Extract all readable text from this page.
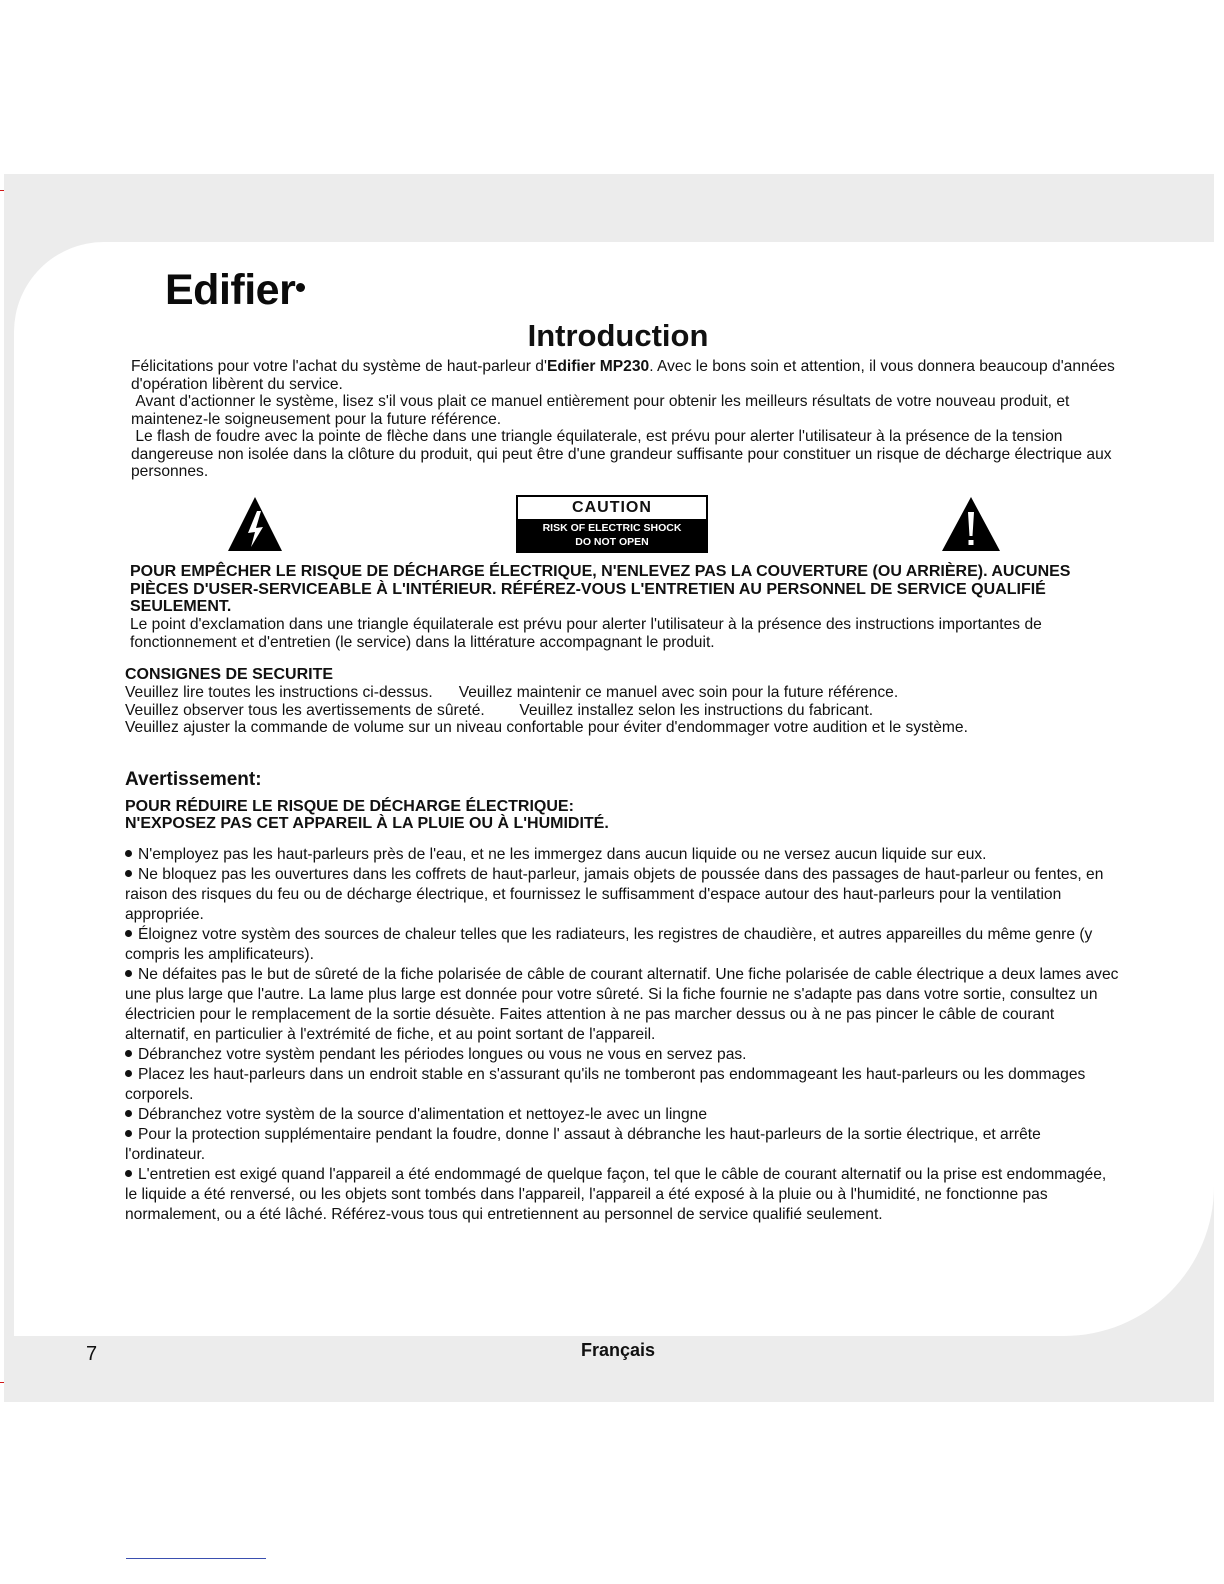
Edifier
Introduction

Félicitations pour votre l'achat du système de haut-parleur d'Edifier MP230. Avec le bons soin et attention, il vous donnera beaucoup d'années d'opération libèrent du service.

Avant d'actionner le système, lisez s'il vous plait ce manuel entièrement pour obtenir les meilleurs résultats de votre nouveau produit, et maintenez-le soigneusement pour la future référence.

Le flash de foudre avec la pointe de flèche dans une triangle équilaterale, est prévu pour alerter l'utilisateur à la présence de la tension dangereuse non isolée dans la clôture du produit, qui peut être d'une grandeur suffisante pour constituer un risque de décharge électrique aux personnes.

CAUTION
RISK OF ELECTRIC SHOCK
DO NOT OPEN
POUR EMPÊCHER LE RISQUE DE DÉCHARGE ÉLECTRIQUE, N'ENLEVEZ PAS LA COUVERTURE (OU ARRIÈRE). AUCUNES PIÈCES D'USER-SERVICEABLE À L'INTÉRIEUR. RÉFÉREZ-VOUS L'ENTRETIEN AU PERSONNEL DE SERVICE QUALIFIÉ SEULEMENT.
Le point d'exclamation dans une triangle équilaterale est prévu pour alerter l'utilisateur à la présence des instructions importantes de fonctionnement et d'entretien (le service) dans la littérature accompagnant le produit.
CONSIGNES DE SECURITE
Veuillez lire toutes les instructions ci-dessus. Veuillez maintenir ce manuel avec soin pour la future référence.
Veuillez observer tous les avertissements de sûreté. Veuillez installez selon les instructions du fabricant.
Veuillez ajuster la commande de volume sur un niveau confortable pour éviter d'endommager votre audition et le système.
Avertissement:
POUR RÉDUIRE LE RISQUE DE DÉCHARGE ÉLECTRIQUE:
N'EXPOSEZ PAS CET APPAREIL À LA PLUIE OU À L'HUMIDITÉ.

N'employez pas les haut-parleurs près de l'eau, et ne les immergez dans aucun liquide ou ne versez aucun liquide sur eux.

Ne bloquez pas les ouvertures dans les coffrets de haut-parleur, jamais objets de poussée dans des passages de haut-parleur ou fentes, en raison des risques du feu ou de décharge électrique, et fournissez le suffisamment d'espace autour des haut-parleurs pour la ventilation appropriée.

Éloignez votre systèm des sources de chaleur telles que les radiateurs, les registres de chaudière, et autres appareilles du même genre (y compris les amplificateurs).

Ne défaites pas le but de sûreté de la fiche polarisée de câble de courant alternatif. Une fiche polarisée de cable électrique a deux lames avec une plus large que l'autre. La lame plus large est donnée pour votre sûreté. Si la fiche fournie ne s'adapte pas dans votre sortie, consultez un électricien pour le remplacement de la sortie désuète. Faites attention à ne pas marcher dessus ou à ne pas pincer le câble de courant alternatif, en particulier à l'extrémité de fiche, et au point sortant de l'appareil.

Débranchez votre systèm pendant les périodes longues ou vous ne vous en servez pas.

Placez les haut-parleurs dans un endroit stable en s'assurant qu'ils ne tomberont pas endommageant les haut-parleurs ou les dommages corporels.

Débranchez votre systèm de la source d'alimentation et nettoyez-le avec un lingne

Pour la protection supplémentaire pendant la foudre, donne l' assaut à débranche les haut-parleurs de la sortie électrique, et arrête l'ordinateur.

L'entretien est exigé quand l'appareil a été endommagé de quelque façon, tel que le câble de courant alternatif ou la prise est endommagée, le liquide a été renversé, ou les objets sont tombés dans l'appareil, l'appareil a été exposé à la pluie ou à l'humidité, ne fonctionne pas normalement, ou a été lâché. Référez-vous tous qui entretiennent au personnel de service qualifié seulement.

7	Français
